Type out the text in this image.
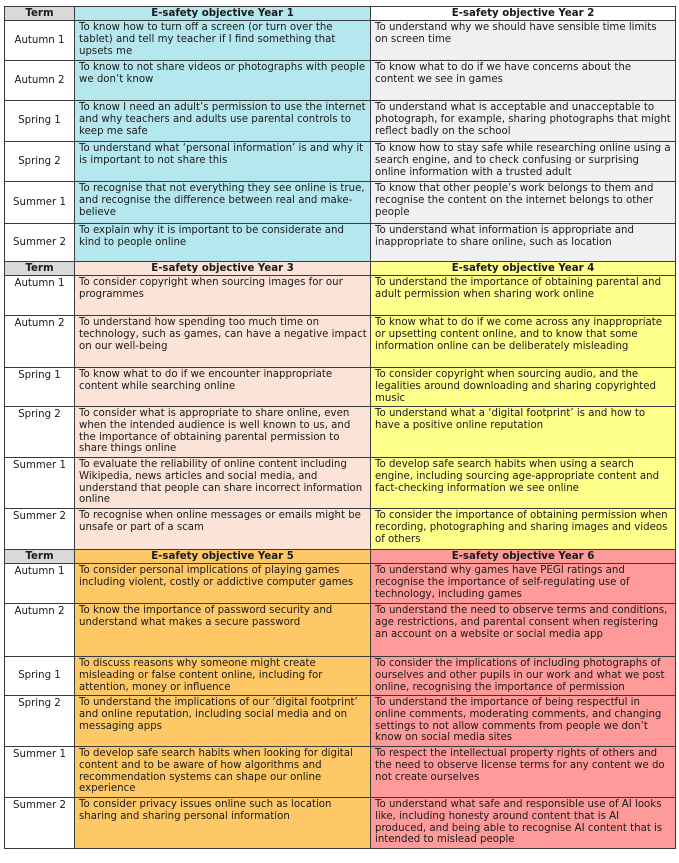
Term	E-safety objective Year 1	E-safety objective Year 2
Autumn 1	To know how to turn off a screen (or turn over the tablet) and tell my teacher if I find something that upsets me	To understand why we should have sensible time limits on screen time
Autumn 2	To know to not share videos or photographs with people we don’t know	To know what to do if we have concerns about the content we see in games
Spring 1	To know I need an adult’s permission to use the internet and why teachers and adults use parental controls to keep me safe	To understand what is acceptable and unacceptable to photograph, for example, sharing photographs that might reflect badly on the school
Spring 2	To understand what ‘personal information’ is and why it is important to not share this	To know how to stay safe while researching online using a search engine, and to check confusing or surprising online information with a trusted adult
Summer 1	To recognise that not everything they see online is true, and recognise the difference between real and make-believe	To know that other people’s work belongs to them and recognise the content on the internet belongs to other people
Summer 2	To explain why it is important to be considerate and kind to people online	To understand what information is appropriate and inappropriate to share online, such as location
Term	E-safety objective Year 3	E-safety objective Year 4
Autumn 1	To consider copyright when sourcing images for our programmes	To understand the importance of obtaining parental and adult permission when sharing work online
Autumn 2	To understand how spending too much time on technology, such as games, can have a negative impact on our well-being	To know what to do if we come across any inappropriate or upsetting content online, and to know that some information online can be deliberately misleading
Spring 1	To know what to do if we encounter inappropriate content while searching online	To consider copyright when sourcing audio, and the legalities around downloading and sharing copyrighted music
Spring 2	To consider what is appropriate to share online, even when the intended audience is well known to us, and the importance of obtaining parental permission to share things online	To understand what a ‘digital footprint’ is and how to have a positive online reputation
Summer 1	To evaluate the reliability of online content including Wikipedia, news articles and social media, and understand that people can share incorrect information online	To develop safe search habits when using a search engine, including sourcing age-appropriate content and fact-checking information we see online
Summer 2	To recognise when online messages or emails might be unsafe or part of a scam	To consider the importance of obtaining permission when recording, photographing and sharing images and videos of others
Term	E-safety objective Year 5	E-safety objective Year 6
Autumn 1	To consider personal implications of playing games including violent, costly or addictive computer games	To understand why games have PEGI ratings and recognise the importance of self-regulating use of technology, including games
Autumn 2	To know the importance of password security and understand what makes a secure password	To understand the need to observe terms and conditions, age restrictions, and parental consent when registering an account on a website or social media app
Spring 1	To discuss reasons why someone might create misleading or false content online, including for attention, money or influence	To consider the implications of including photographs of ourselves and other pupils in our work and what we post online, recognising the importance of permission
Spring 2	To understand the implications of our ‘digital footprint’ and online reputation, including social media and on messaging apps	To understand the importance of being respectful in online comments, moderating comments, and changing settings to not allow comments from people we don’t know on social media sites
Summer 1	To develop safe search habits when looking for digital content and to be aware of how algorithms and recommendation systems can shape our online experience	To respect the intellectual property rights of others and the need to observe license terms for any content we do not create ourselves
Summer 2	To consider privacy issues online such as location sharing and sharing personal information	To understand what safe and responsible use of AI looks like, including honesty around content that is AI produced, and being able to recognise AI content that is intended to mislead people
